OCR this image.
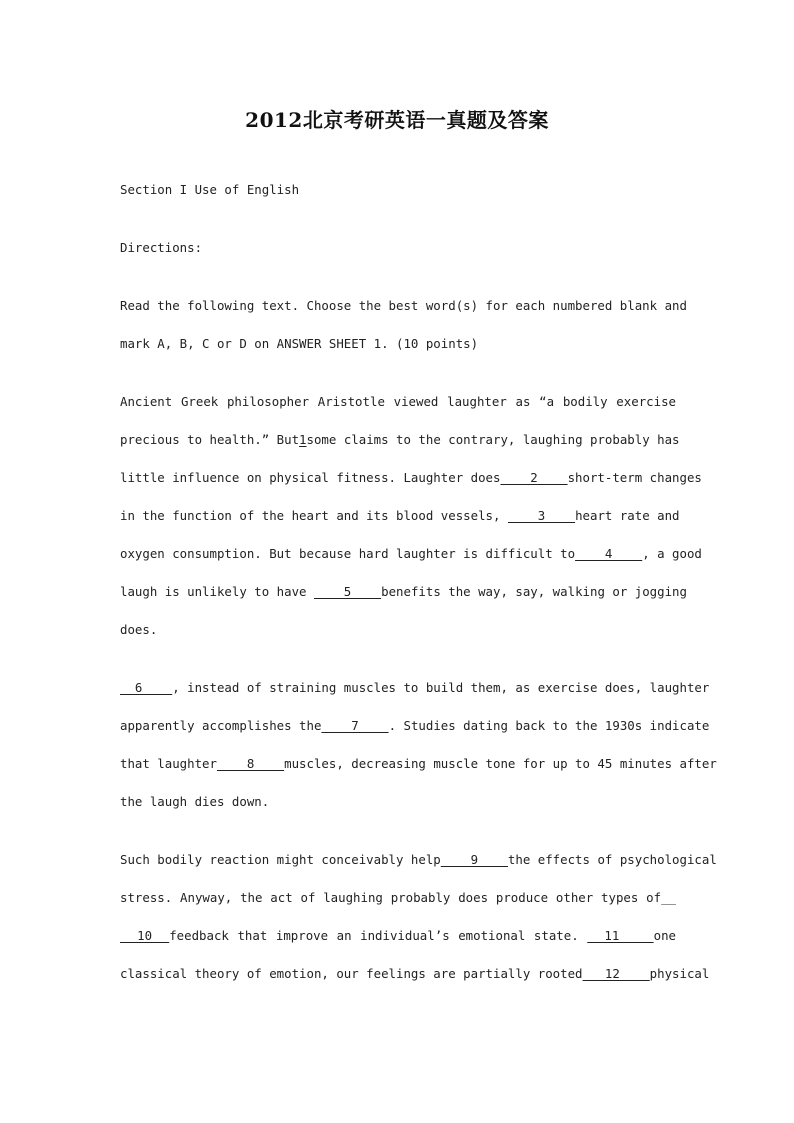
2012北京考研英语一真题及答案

Section I Use of English

Directions:

Read the following text. Choose the best word(s) for each numbered blank and

mark A, B, C or D on ANSWER SHEET 1. (10 points)

Ancient Greek philosopher Aristotle viewed laughter as “a bodily exercise

precious to health.” But1some claims to the contrary, laughing probably has

little influence on physical fitness. Laughter does    2    short-term changes

in the function of the heart and its blood vessels,     3    heart rate and

oxygen consumption. But because hard laughter is difficult to    4    , a good

laugh is unlikely to have     5    benefits the way, say, walking or jogging

does.

6    , instead of straining muscles to build them, as exercise does, laughter

apparently accomplishes the    7    . Studies dating back to the 1930s indicate

that laughter    8    muscles, decreasing muscle tone for up to 45 minutes after

the laugh dies down.

Such bodily reaction might conceivably help    9    the effects of psychological

stress. Anyway, the act of laughing probably does produce other types of__

10  feedback that improve an individual’s emotional state.   11    one

classical theory of emotion, our feelings are partially rooted   12    physical
